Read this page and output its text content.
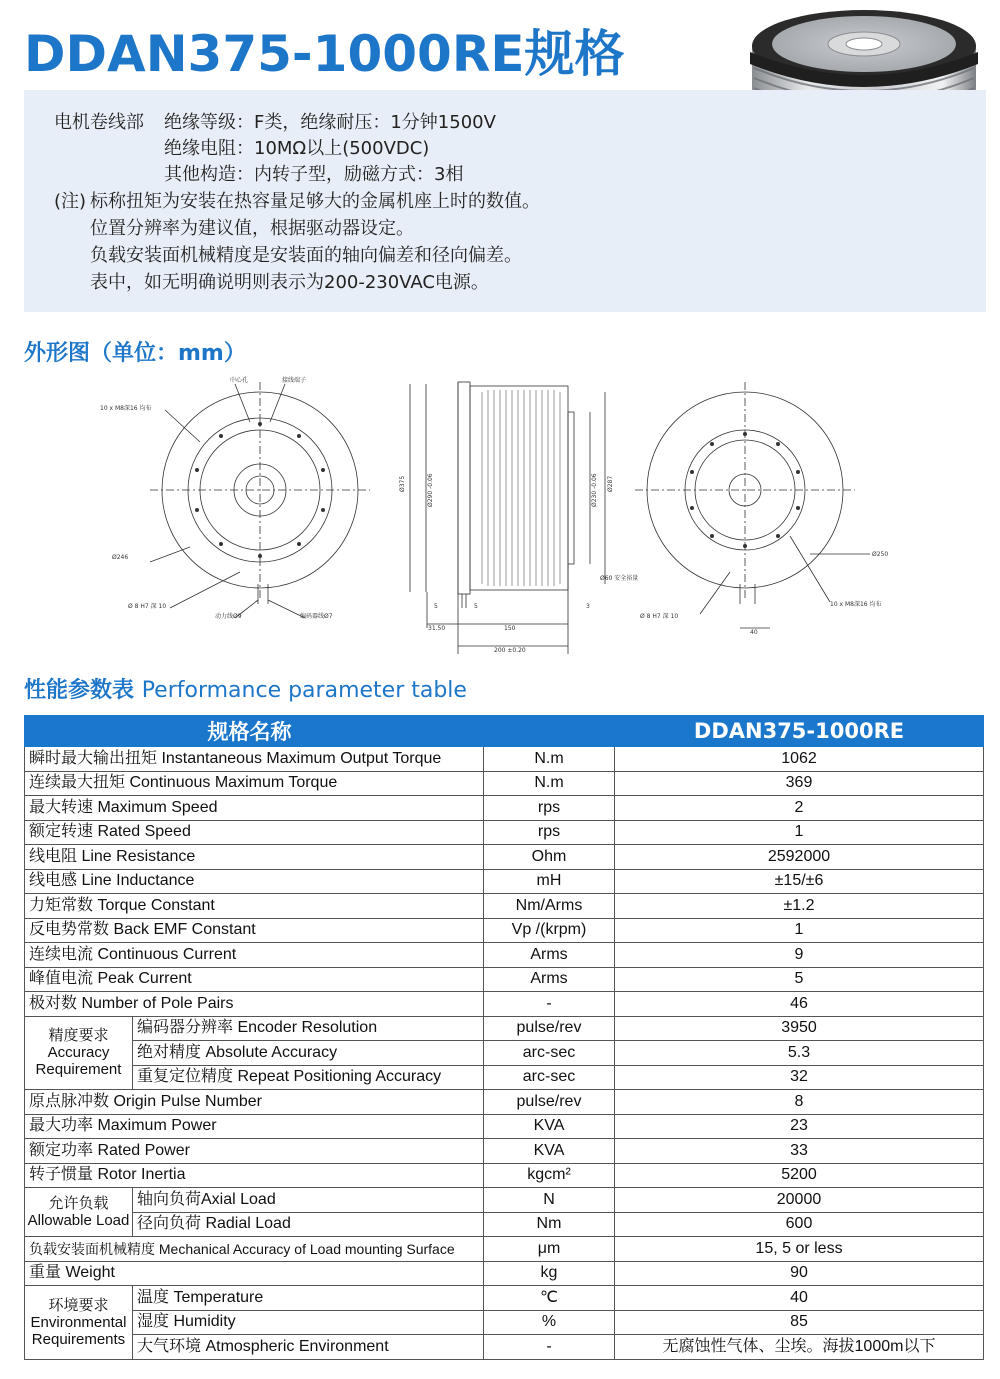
DDAN375-1000RE规格
电机卷线部 绝缘等级：F类，绝缘耐压：1分钟1500V
绝缘电阻：10MΩ以上(500VDC)
其他构造：内转子型，励磁方式：3相
(注) 标称扭矩为安装在热容量足够大的金属机座上时的数值。
位置分辨率为建议值，根据驱动器设定。
负载安装面机械精度是安装面的轴向偏差和径向偏差。
表中，如无明确说明则表示为200-230VAC电源。
外形图（单位：mm）
中心孔	接线端子
10 x M8深16 均布
Ø246
Ø 8 H7 深 10
动力线Ø9	编码器线Ø7
Ø375	Ø290 -0.06	Ø230 -0.06 Ø287
Ø60 安全裕量
5	5	3
31.50	150
200 ±0.20
Ø250
Ø 8 H7 深 10
10 x M8深16 均布
40
性能参数表 Performance parameter table
规格名称			DDAN375-1000RE
瞬时最大输出扭矩 Instantaneous Maximum Output Torque		N.m	1062
连续最大扭矩 Continuous Maximum Torque		N.m	369
最大转速 Maximum Speed		rps	2
额定转速 Rated Speed		rps	1
线电阻 Line Resistance		Ohm	2592000
线电感 Line Inductance		mH	±15/±6
力矩常数 Torque Constant		Nm/Arms	±1.2
反电势常数 Back EMF Constant		Vp /(krpm)	1
连续电流 Continuous Current		Arms	9
峰值电流 Peak Current		Arms	5
极对数 Number of Pole Pairs		-	46
精度要求 Accuracy Requirement	编码器分辨率 Encoder Resolution	pulse/rev	3950
	绝对精度 Absolute Accuracy	arc-sec	5.3
	重复定位精度 Repeat Positioning Accuracy	arc-sec	32
原点脉冲数 Origin Pulse Number		pulse/rev	8
最大功率 Maximum Power		KVA	23
额定功率 Rated Power		KVA	33
转子惯量 Rotor Inertia		kgcm²	5200
允许负载 Allowable Load	轴向负荷Axial Load	N	20000
	径向负荷 Radial Load	Nm	600
负载安装面机械精度 Mechanical Accuracy of Load mounting Surface		μm	15, 5 or less
重量 Weight		kg	90
环境要求 Environmental Requirements	温度 Temperature	℃	40
	湿度 Humidity	%	85
	大气环境 Atmospheric Environment	-	无腐蚀性气体、尘埃。海拔1000m以下
